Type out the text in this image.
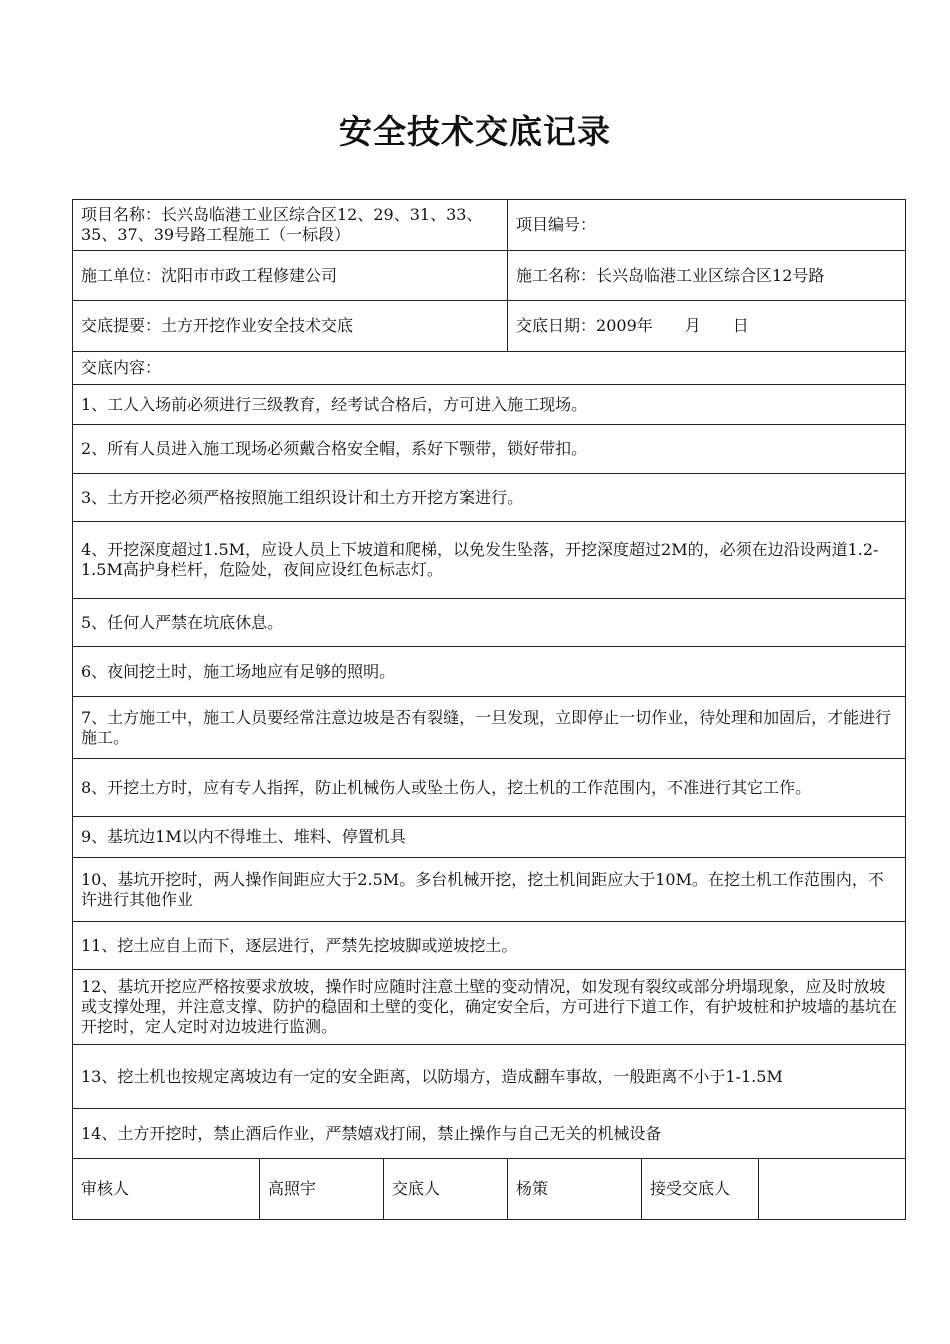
安全技术交底记录
项目名称：长兴岛临港工业区综合区12、29、31、33、35、37、39号路工程施工（一标段）			项目编号：		
施工单位：沈阳市市政工程修建公司			施工名称：长兴岛临港工业区综合区12号路		
交底提要：土方开挖作业安全技术交底			交底日期：2009年　　月　　日		
交底内容：					
1、工人入场前必须进行三级教育，经考试合格后，方可进入施工现场。					
2、所有人员进入施工现场必须戴合格安全帽，系好下颚带，锁好带扣。					
3、土方开挖必须严格按照施工组织设计和土方开挖方案进行。					
4、开挖深度超过1.5M，应设人员上下坡道和爬梯，以免发生坠落，开挖深度超过2M的，必须在边沿设两道1.2-1.5M高护身栏杆，危险处，夜间应设红色标志灯。					
5、任何人严禁在坑底休息。					
6、夜间挖土时，施工场地应有足够的照明。					
7、土方施工中，施工人员要经常注意边坡是否有裂缝，一旦发现，立即停止一切作业，待处理和加固后，才能进行施工。					
8、开挖土方时，应有专人指挥，防止机械伤人或坠土伤人，挖土机的工作范围内，不准进行其它工作。					
9、基坑边1M以内不得堆土、堆料、停置机具					
10、基坑开挖时，两人操作间距应大于2.5M。多台机械开挖，挖土机间距应大于10M。在挖土机工作范围内，不许进行其他作业					
11、挖土应自上而下，逐层进行，严禁先挖坡脚或逆坡挖土。					
12、基坑开挖应严格按要求放坡，操作时应随时注意土壁的变动情况，如发现有裂纹或部分坍塌现象，应及时放坡或支撑处理，并注意支撑、防护的稳固和土壁的变化，确定安全后，方可进行下道工作，有护坡桩和护坡墙的基坑在开挖时，定人定时对边坡进行监测。					
13、挖土机也按规定离坡边有一定的安全距离，以防塌方，造成翻车事故，一般距离不小于1-1.5M					
14、土方开挖时，禁止酒后作业，严禁嬉戏打闹，禁止操作与自己无关的机械设备					
审核人	高照宇	交底人	杨策	接受交底人	
